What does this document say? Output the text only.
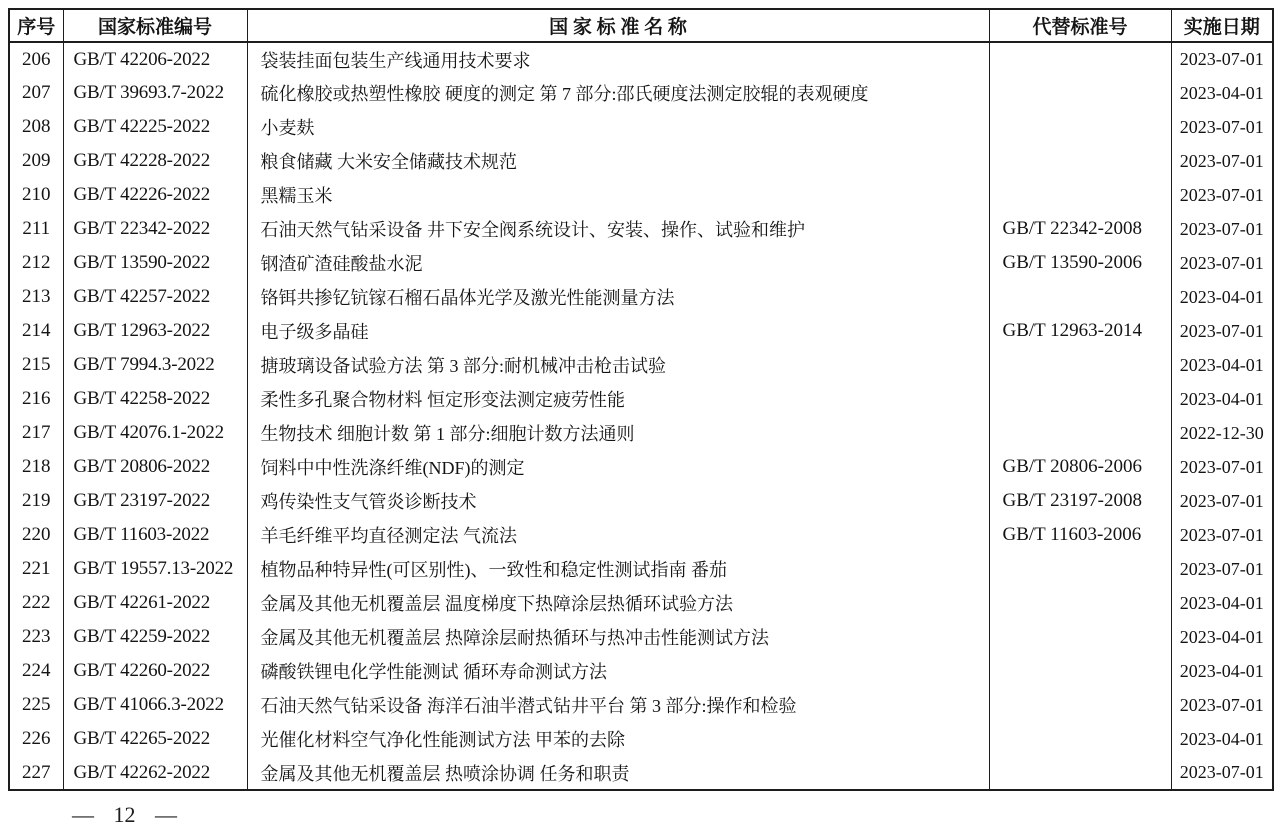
序号	国家标准编号	国 家 标 准 名 称	代替标准号	实施日期
206	GB/T 42206-2022	袋装挂面包装生产线通用技术要求		2023-07-01
207	GB/T 39693.7-2022	硫化橡胶或热塑性橡胶 硬度的测定 第 7 部分:邵氏硬度法测定胶辊的表观硬度		2023-04-01
208	GB/T 42225-2022	小麦麸		2023-07-01
209	GB/T 42228-2022	粮食储藏 大米安全储藏技术规范		2023-07-01
210	GB/T 42226-2022	黑糯玉米		2023-07-01
211	GB/T 22342-2022	石油天然气钻采设备 井下安全阀系统设计、安装、操作、试验和维护	GB/T 22342-2008	2023-07-01
212	GB/T 13590-2022	钢渣矿渣硅酸盐水泥	GB/T 13590-2006	2023-07-01
213	GB/T 42257-2022	铬铒共掺钇钪镓石榴石晶体光学及激光性能测量方法		2023-04-01
214	GB/T 12963-2022	电子级多晶硅	GB/T 12963-2014	2023-07-01
215	GB/T 7994.3-2022	搪玻璃设备试验方法 第 3 部分:耐机械冲击枪击试验		2023-04-01
216	GB/T 42258-2022	柔性多孔聚合物材料 恒定形变法测定疲劳性能		2023-04-01
217	GB/T 42076.1-2022	生物技术 细胞计数 第 1 部分:细胞计数方法通则		2022-12-30
218	GB/T 20806-2022	饲料中中性洗涤纤维(NDF)的测定	GB/T 20806-2006	2023-07-01
219	GB/T 23197-2022	鸡传染性支气管炎诊断技术	GB/T 23197-2008	2023-07-01
220	GB/T 11603-2022	羊毛纤维平均直径测定法 气流法	GB/T 11603-2006	2023-07-01
221	GB/T 19557.13-2022	植物品种特异性(可区别性)、一致性和稳定性测试指南 番茄		2023-07-01
222	GB/T 42261-2022	金属及其他无机覆盖层 温度梯度下热障涂层热循环试验方法		2023-04-01
223	GB/T 42259-2022	金属及其他无机覆盖层 热障涂层耐热循环与热冲击性能测试方法		2023-04-01
224	GB/T 42260-2022	磷酸铁锂电化学性能测试 循环寿命测试方法		2023-04-01
225	GB/T 41066.3-2022	石油天然气钻采设备 海洋石油半潜式钻井平台 第 3 部分:操作和检验		2023-07-01
226	GB/T 42265-2022	光催化材料空气净化性能测试方法 甲苯的去除		2023-04-01
227	GB/T 42262-2022	金属及其他无机覆盖层 热喷涂协调 任务和职责		2023-07-01
— 12 —
